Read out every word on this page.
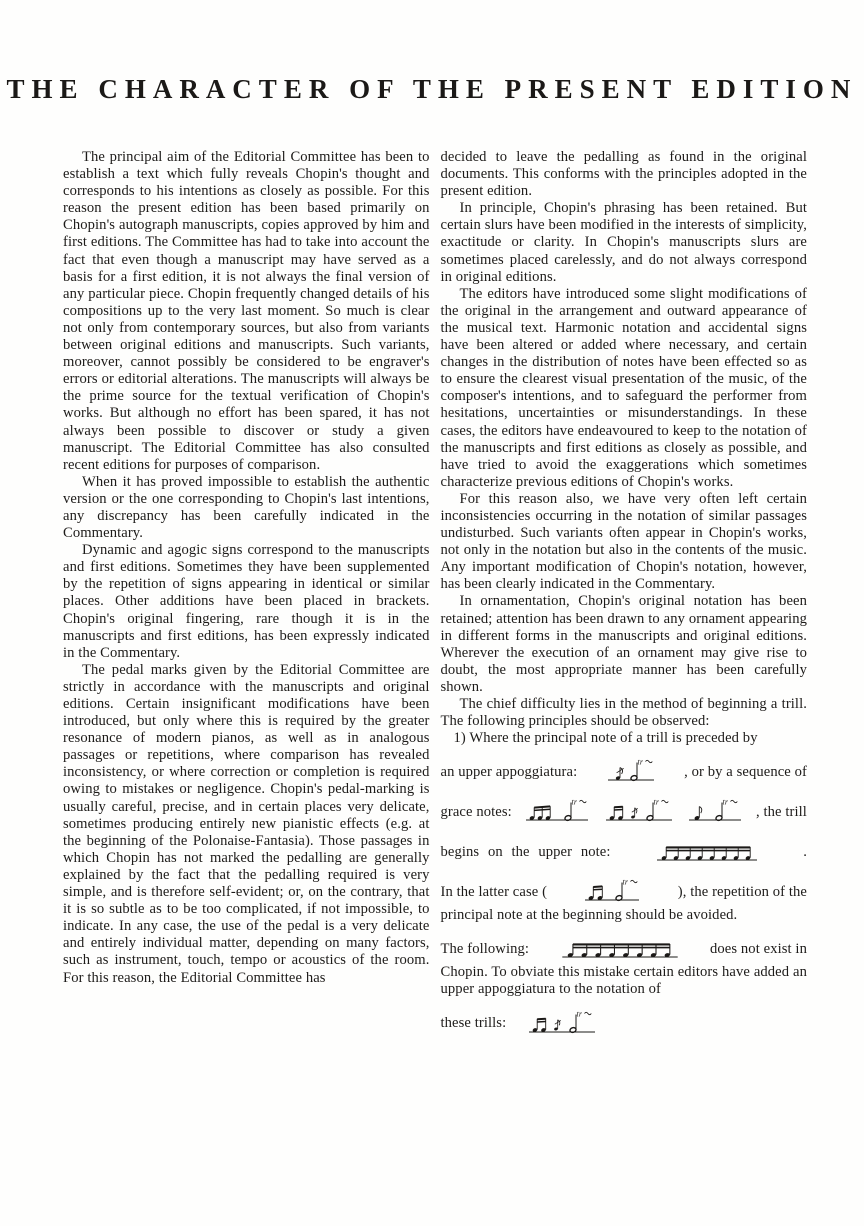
THE CHARACTER OF THE PRESENT EDITION

The principal aim of the Editorial Committee has been to establish a text which fully reveals Chopin's thought and corresponds to his intentions as closely as possible. For this reason the present edition has been based primarily on Chopin's autograph manuscripts, copies approved by him and first editions. The Committee has had to take into account the fact that even though a manuscript may have served as a basis for a first edition, it is not always the final version of any particular piece. Chopin frequently changed details of his compositions up to the very last moment. So much is clear not only from contemporary sources, but also from variants between original editions and manuscripts. Such variants, moreover, cannot possibly be considered to be engraver's errors or editorial alterations. The manuscripts will always be the prime source for the textual verification of Chopin's works. But although no effort has been spared, it has not always been possible to discover or study a given manuscript. The Editorial Committee has also consulted recent editions for purposes of comparison.

When it has proved impossible to establish the authentic version or the one corresponding to Chopin's last intentions, any discrepancy has been carefully indicated in the Commentary.

Dynamic and agogic signs correspond to the manuscripts and first editions. Sometimes they have been supplemented by the repetition of signs appearing in identical or similar places. Other additions have been placed in brackets. Chopin's original fingering, rare though it is in the manuscripts and first editions, has been expressly indicated in the Commentary.

The pedal marks given by the Editorial Committee are strictly in accordance with the manuscripts and original editions. Certain insignificant modifications have been introduced, but only where this is required by the greater resonance of modern pianos, as well as in analogous passages or repetitions, where comparison has revealed inconsistency, or where correction or completion is required owing to mistakes or negligence. Chopin's pedal-marking is usually careful, precise, and in certain places very delicate, sometimes producing entirely new pianistic effects (e.g. at the beginning of the Polonaise-Fantasia). Those passages in which Chopin has not marked the pedalling are generally explained by the fact that the pedalling required is very simple, and is therefore self-evident; or, on the contrary, that it is so subtle as to be too complicated, if not impossible, to indicate. In any case, the use of the pedal is a very delicate and entirely individual matter, depending on many factors, such as instrument, touch, tempo or acoustics of the room. For this reason, the Editorial Committee has

decided to leave the pedalling as found in the original documents. This conforms with the principles adopted in the present edition.

In principle, Chopin's phrasing has been retained. But certain slurs have been modified in the interests of simplicity, exactitude or clarity. In Chopin's manuscripts slurs are sometimes placed carelessly, and do not always correspond in original editions.

The editors have introduced some slight modifications of the original in the arrangement and outward appearance of the musical text. Harmonic notation and accidental signs have been altered or added where necessary, and certain changes in the distribution of notes have been effected so as to ensure the clearest visual presentation of the music, of the composer's intentions, and to safeguard the performer from hesitations, uncertainties or misunderstandings. In these cases, the editors have endeavoured to keep to the notation of the manuscripts and first editions as closely as possible, and have tried to avoid the exaggerations which sometimes characterize previous editions of Chopin's works.

For this reason also, we have very often left certain inconsistencies occurring in the notation of similar passages undisturbed. Such variants often appear in Chopin's works, not only in the notation but also in the contents of the music. Any important modification of Chopin's notation, however, has been clearly indicated in the Commentary.

In ornamentation, Chopin's original notation has been retained; attention has been drawn to any ornament appearing in different forms in the manuscripts and original editions. Wherever the execution of an ornament may give rise to doubt, the most appropriate manner has been carefully shown.

The chief difficulty lies in the method of beginning a trill. The following principles should be observed:

1) Where the principal note of a trill is preceded by

an upper appoggiatura:	, or by a sequence of
grace notes:	, the trill
begins on the upper note:	.
In the latter case (	), the repetition of the

principal note at the beginning should be avoided.

The following:	does not exist in

Chopin. To obviate this mistake certain editors have added an upper appoggiatura to the notation of

these trills:
